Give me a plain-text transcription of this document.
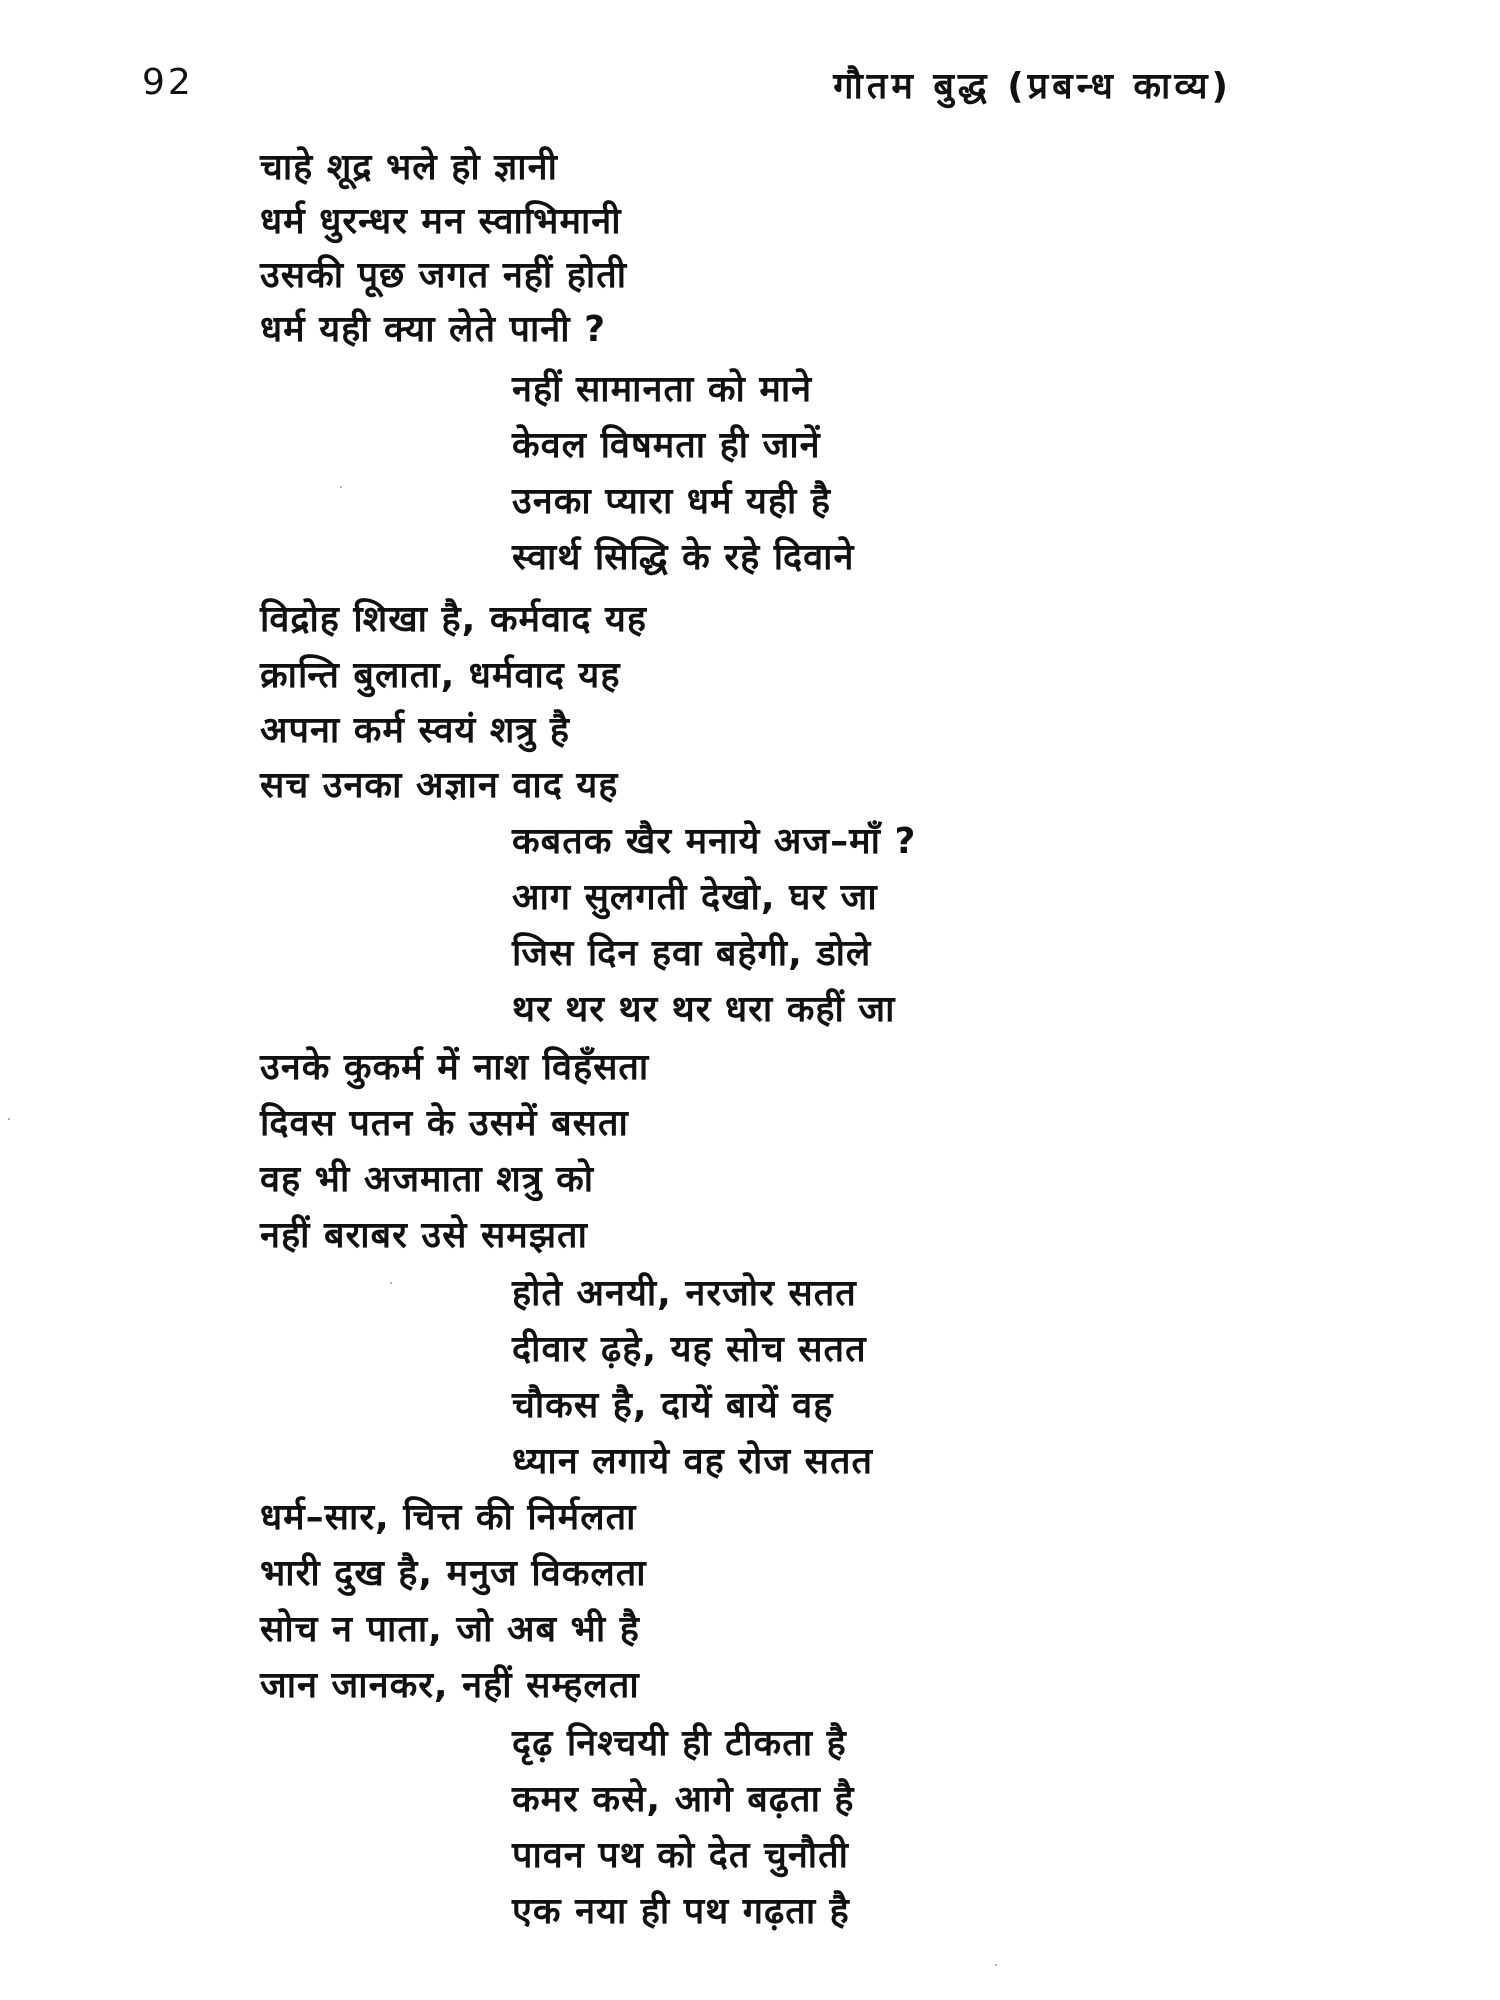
92	गौतम बुद्ध (प्रबन्ध काव्य)
चाहे शूद्र भले हो ज्ञानी
धर्म धुरन्धर मन स्वाभिमानी
उसकी पूछ जगत नहीं होती
धर्म यही क्या लेते पानी ?
नहीं सामानता को माने
केवल विषमता ही जानें
उनका प्यारा धर्म यही है
स्वार्थ सिद्धि के रहे दिवाने
विद्रोह शिखा है, कर्मवाद यह
क्रान्ति बुलाता, धर्मवाद यह
अपना कर्म स्वयं शत्रु है
सच उनका अज्ञान वाद यह
कबतक खैर मनाये अज–माँ ?
आग सुलगती देखो, घर जा
जिस दिन हवा बहेगी, डोले
थर थर थर थर धरा कहीं जा
उनके कुकर्म में नाश विहँसता
दिवस पतन के उसमें बसता
वह भी अजमाता शत्रु को
नहीं बराबर उसे समझता
होते अनयी, नरजोर सतत
दीवार ढ़हे, यह सोच सतत
चौकस है, दायें बायें वह
ध्यान लगाये वह रोज सतत
धर्म–सार, चित्त की निर्मलता
भारी दुख है, मनुज विकलता
सोच न पाता, जो अब भी है
जान जानकर, नहीं सम्हलता
दृढ़ निश्चयी ही टीकता है
कमर कसे, आगे बढ़ता है
पावन पथ को देत चुनौती
एक नया ही पथ गढ़ता है
